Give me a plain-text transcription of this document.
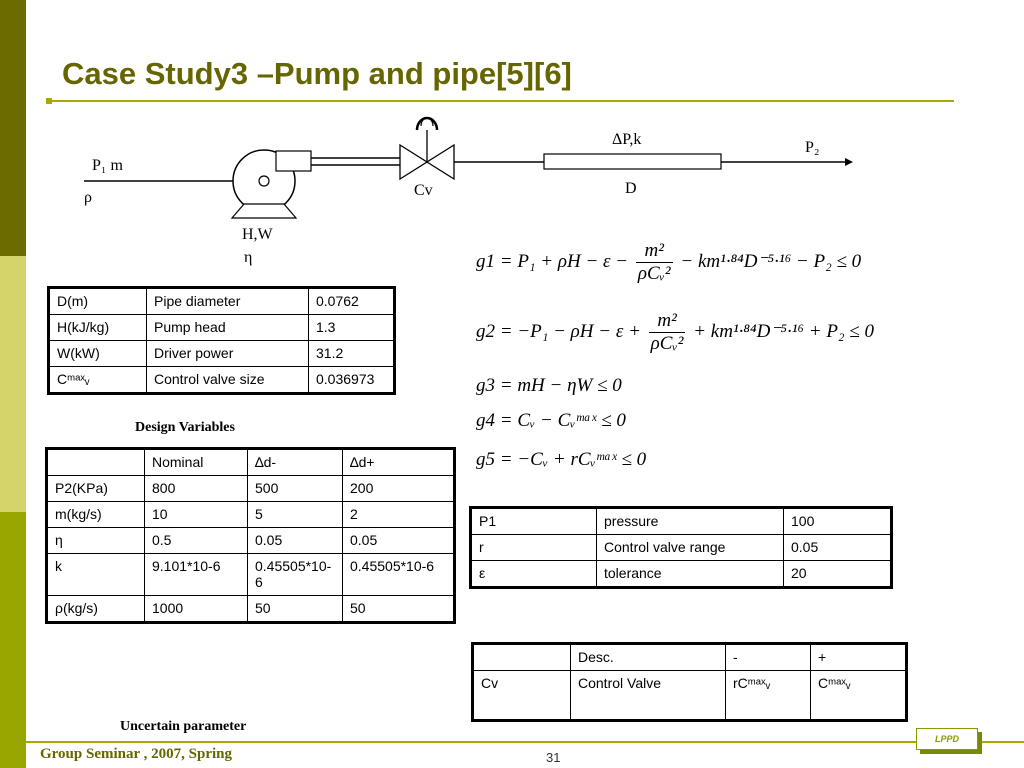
Case Study3 –Pump and pipe[5][6]
P₁ m
ρ	Cv
ΔP,k
D
P₂
H,W
η	$g1 = P_1 + \rho H - \varepsilon - \frac{\text{m²}}{\text{ρCᵥ²}} - km^1\cdot^{84}D^{-5}\cdot^{16} - P_2 \le 0$
$g2 = -P_1 - \rho H - \varepsilon + \frac{\text{m²}}{\text{ρCᵥ²}} + km^1\cdot^{84}D^{-5}\cdot^{16} + P_2 \le 0$
g3 = mH − ηW ≤ 0
g4 = Cᵥ − Cᵥᵐᵃˣ ≤ 0
g5 = −Cᵥ + rCᵥᵐᵃˣ ≤ 0
D(m)	Pipe diameter	0.0762
H(kJ/kg)	Pump head	1.3
W(kW)	Driver power	31.2
Cᵐᵃˣᵥ	Control valve size	0.036973
Design Variables
	Nominal	∆d-	∆d+
P2(KPa)	800	500	200
m(kg/s)	10	5	2
η	0.5	0.05	0.05
k	9.101*10-6	0.45505*10-6	0.45505*10-6
ρ(kg/s)	1000	50	50
Uncertain parameter
P1	pressure	100
r	Control valve range	0.05
ε	tolerance	20
	Desc.	-	+
Cv	Control Valve	rCᵐᵃˣᵥ	Cᵐᵃˣᵥ
Group Seminar , 2007, Spring	31
LPPD
